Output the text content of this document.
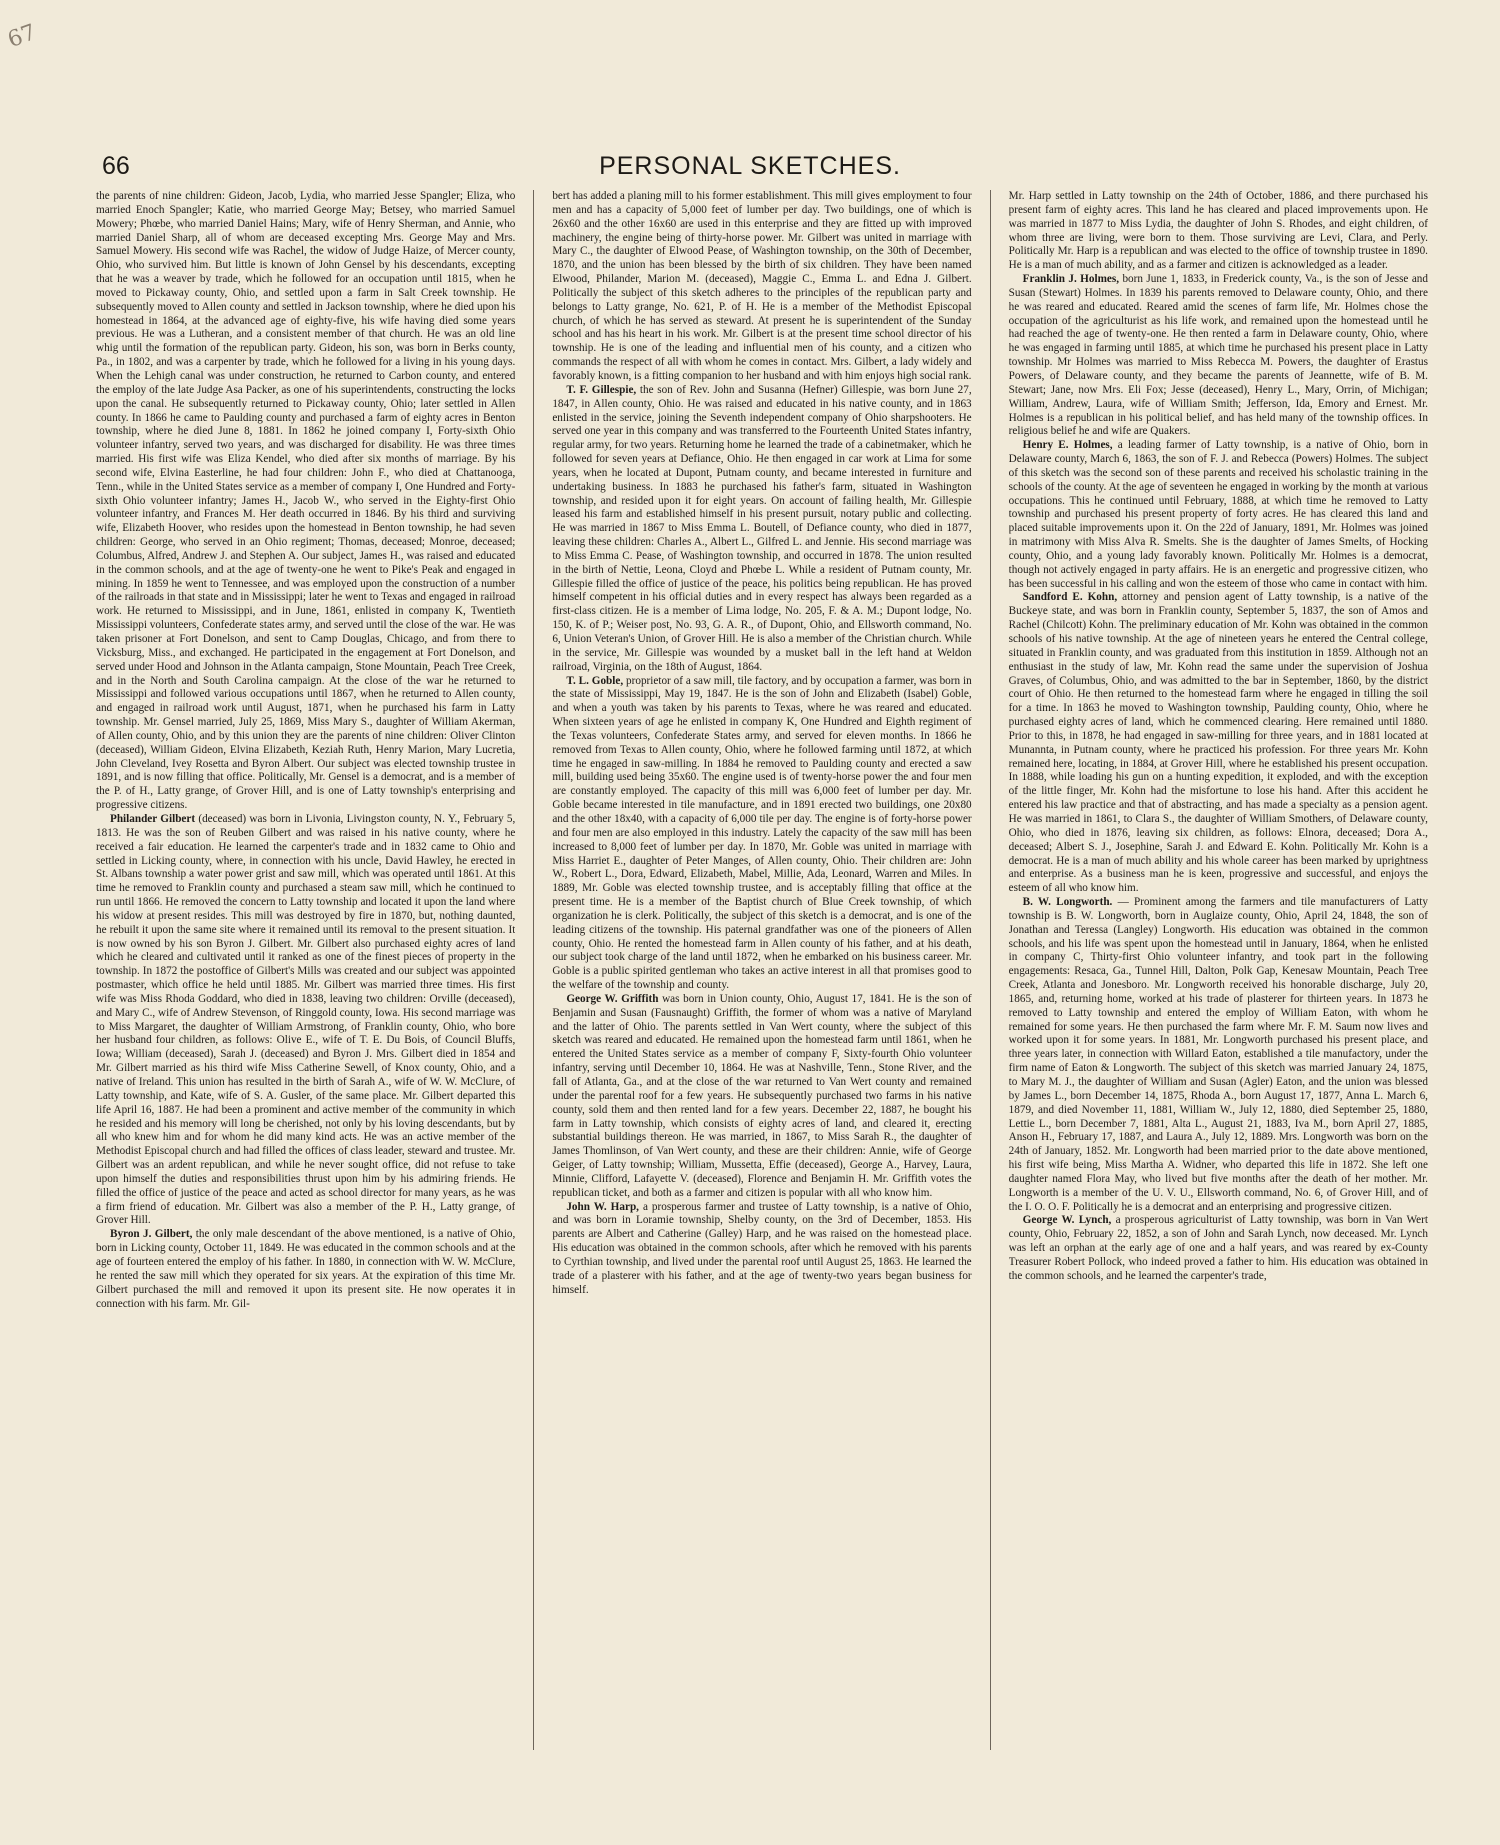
67
66	PERSONAL SKETCHES.

the parents of nine children: Gideon, Jacob, Lydia, who married Jesse Spangler; Eliza, who married Enoch Spangler; Katie, who married George May; Betsey, who married Samuel Mowery; Phœbe, who married Daniel Hains; Mary, wife of Henry Sherman, and Annie, who married Daniel Sharp, all of whom are deceased excepting Mrs. George May and Mrs. Samuel Mowery. His second wife was Rachel, the widow of Judge Haize, of Mercer county, Ohio, who survived him. But little is known of John Gensel by his descendants, excepting that he was a weaver by trade, which he followed for an occupation until 1815, when he moved to Pickaway county, Ohio, and settled upon a farm in Salt Creek township. He subsequently moved to Allen county and settled in Jackson township, where he died upon his homestead in 1864, at the advanced age of eighty-five, his wife having died some years previous. He was a Lutheran, and a consistent member of that church. He was an old line whig until the formation of the republican party. Gideon, his son, was born in Berks county, Pa., in 1802, and was a carpenter by trade, which he followed for a living in his young days. When the Lehigh canal was under construction, he returned to Carbon county, and entered the employ of the late Judge Asa Packer, as one of his superintendents, constructing the locks upon the canal. He subsequently returned to Pickaway county, Ohio; later settled in Allen county. In 1866 he came to Paulding county and purchased a farm of eighty acres in Benton township, where he died June 8, 1881. In 1862 he joined company I, Forty-sixth Ohio volunteer infantry, served two years, and was discharged for disability. He was three times married. His first wife was Eliza Kendel, who died after six months of marriage. By his second wife, Elvina Easterline, he had four children: John F., who died at Chattanooga, Tenn., while in the United States service as a member of company I, One Hundred and Forty-sixth Ohio volunteer infantry; James H., Jacob W., who served in the Eighty-first Ohio volunteer infantry, and Frances M. Her death occurred in 1846. By his third and surviving wife, Elizabeth Hoover, who resides upon the homestead in Benton township, he had seven children: George, who served in an Ohio regiment; Thomas, deceased; Monroe, deceased; Columbus, Alfred, Andrew J. and Stephen A. Our subject, James H., was raised and educated in the common schools, and at the age of twenty-one he went to Pike's Peak and engaged in mining. In 1859 he went to Tennessee, and was employed upon the construction of a number of the railroads in that state and in Mississippi; later he went to Texas and engaged in railroad work. He returned to Mississippi, and in June, 1861, enlisted in company K, Twentieth Mississippi volunteers, Confederate states army, and served until the close of the war. He was taken prisoner at Fort Donelson, and sent to Camp Douglas, Chicago, and from there to Vicksburg, Miss., and exchanged. He participated in the engagement at Fort Donelson, and served under Hood and Johnson in the Atlanta campaign, Stone Mountain, Peach Tree Creek, and in the North and South Carolina campaign. At the close of the war he returned to Mississippi and followed various occupations until 1867, when he returned to Allen county, and engaged in railroad work until August, 1871, when he purchased his farm in Latty township. Mr. Gensel married, July 25, 1869, Miss Mary S., daughter of William Akerman, of Allen county, Ohio, and by this union they are the parents of nine children: Oliver Clinton (deceased), William Gideon, Elvina Elizabeth, Keziah Ruth, Henry Marion, Mary Lucretia, John Cleveland, Ivey Rosetta and Byron Albert. Our subject was elected township trustee in 1891, and is now filling that office. Politically, Mr. Gensel is a democrat, and is a member of the P. of H., Latty grange, of Grover Hill, and is one of Latty township's enterprising and progressive citizens.

Philander Gilbert (deceased) was born in Livonia, Livingston county, N. Y., February 5, 1813. He was the son of Reuben Gilbert and was raised in his native county, where he received a fair education. He learned the carpenter's trade and in 1832 came to Ohio and settled in Licking county, where, in connection with his uncle, David Hawley, he erected in St. Albans township a water power grist and saw mill, which was operated until 1861. At this time he removed to Franklin county and purchased a steam saw mill, which he continued to run until 1866. He removed the concern to Latty township and located it upon the land where his widow at present resides. This mill was destroyed by fire in 1870, but, nothing daunted, he rebuilt it upon the same site where it remained until its removal to the present situation. It is now owned by his son Byron J. Gilbert. Mr. Gilbert also purchased eighty acres of land which he cleared and cultivated until it ranked as one of the finest pieces of property in the township. In 1872 the postoffice of Gilbert's Mills was created and our subject was appointed postmaster, which office he held until 1885. Mr. Gilbert was married three times. His first wife was Miss Rhoda Goddard, who died in 1838, leaving two children: Orville (deceased), and Mary C., wife of Andrew Stevenson, of Ringgold county, Iowa. His second marriage was to Miss Margaret, the daughter of William Armstrong, of Franklin county, Ohio, who bore her husband four children, as follows: Olive E., wife of T. E. Du Bois, of Council Bluffs, Iowa; William (deceased), Sarah J. (deceased) and Byron J. Mrs. Gilbert died in 1854 and Mr. Gilbert married as his third wife Miss Catherine Sewell, of Knox county, Ohio, and a native of Ireland. This union has resulted in the birth of Sarah A., wife of W. W. McClure, of Latty township, and Kate, wife of S. A. Gusler, of the same place. Mr. Gilbert departed this life April 16, 1887. He had been a prominent and active member of the community in which he resided and his memory will long be cherished, not only by his loving descendants, but by all who knew him and for whom he did many kind acts. He was an active member of the Methodist Episcopal church and had filled the offices of class leader, steward and trustee. Mr. Gilbert was an ardent republican, and while he never sought office, did not refuse to take upon himself the duties and responsibilities thrust upon him by his admiring friends. He filled the office of justice of the peace and acted as school director for many years, as he was a firm friend of education. Mr. Gilbert was also a member of the P. H., Latty grange, of Grover Hill.

Byron J. Gilbert, the only male descendant of the above mentioned, is a native of Ohio, born in Licking county, October 11, 1849. He was educated in the common schools and at the age of fourteen entered the employ of his father. In 1880, in connection with W. W. McClure, he rented the saw mill which they operated for six years. At the expiration of this time Mr. Gilbert purchased the mill and removed it upon its present site. He now operates it in connection with his farm. Mr. Gil-

bert has added a planing mill to his former establishment. This mill gives employment to four men and has a capacity of 5,000 feet of lumber per day. Two buildings, one of which is 26x60 and the other 16x60 are used in this enterprise and they are fitted up with improved machinery, the engine being of thirty-horse power. Mr. Gilbert was united in marriage with Mary C., the daughter of Elwood Pease, of Washington township, on the 30th of December, 1870, and the union has been blessed by the birth of six children. They have been named Elwood, Philander, Marion M. (deceased), Maggie C., Emma L. and Edna J. Gilbert. Politically the subject of this sketch adheres to the principles of the republican party and belongs to Latty grange, No. 621, P. of H. He is a member of the Methodist Episcopal church, of which he has served as steward. At present he is superintendent of the Sunday school and has his heart in his work. Mr. Gilbert is at the present time school director of his township. He is one of the leading and influential men of his county, and a citizen who commands the respect of all with whom he comes in contact. Mrs. Gilbert, a lady widely and favorably known, is a fitting companion to her husband and with him enjoys high social rank.

T. F. Gillespie, the son of Rev. John and Susanna (Hefner) Gillespie, was born June 27, 1847, in Allen county, Ohio. He was raised and educated in his native county, and in 1863 enlisted in the service, joining the Seventh independent company of Ohio sharpshooters. He served one year in this company and was transferred to the Fourteenth United States infantry, regular army, for two years. Returning home he learned the trade of a cabinetmaker, which he followed for seven years at Defiance, Ohio. He then engaged in car work at Lima for some years, when he located at Dupont, Putnam county, and became interested in furniture and undertaking business. In 1883 he purchased his father's farm, situated in Washington township, and resided upon it for eight years. On account of failing health, Mr. Gillespie leased his farm and established himself in his present pursuit, notary public and collecting. He was married in 1867 to Miss Emma L. Boutell, of Defiance county, who died in 1877, leaving these children: Charles A., Albert L., Gilfred L. and Jennie. His second marriage was to Miss Emma C. Pease, of Washington township, and occurred in 1878. The union resulted in the birth of Nettie, Leona, Cloyd and Phœbe L. While a resident of Putnam county, Mr. Gillespie filled the office of justice of the peace, his politics being republican. He has proved himself competent in his official duties and in every respect has always been regarded as a first-class citizen. He is a member of Lima lodge, No. 205, F. & A. M.; Dupont lodge, No. 150, K. of P.; Weiser post, No. 93, G. A. R., of Dupont, Ohio, and Ellsworth command, No. 6, Union Veteran's Union, of Grover Hill. He is also a member of the Christian church. While in the service, Mr. Gillespie was wounded by a musket ball in the left hand at Weldon railroad, Virginia, on the 18th of August, 1864.

T. L. Goble, proprietor of a saw mill, tile factory, and by occupation a farmer, was born in the state of Mississippi, May 19, 1847. He is the son of John and Elizabeth (Isabel) Goble, and when a youth was taken by his parents to Texas, where he was reared and educated. When sixteen years of age he enlisted in company K, One Hundred and Eighth regiment of the Texas volunteers, Confederate States army, and served for eleven months. In 1866 he removed from Texas to Allen county, Ohio, where he followed farming until 1872, at which time he engaged in saw-milling. In 1884 he removed to Paulding county and erected a saw mill, building used being 35x60. The engine used is of twenty-horse power the and four men are constantly employed. The capacity of this mill was 6,000 feet of lumber per day. Mr. Goble became interested in tile manufacture, and in 1891 erected two buildings, one 20x80 and the other 18x40, with a capacity of 6,000 tile per day. The engine is of forty-horse power and four men are also employed in this industry. Lately the capacity of the saw mill has been increased to 8,000 feet of lumber per day. In 1870, Mr. Goble was united in marriage with Miss Harriet E., daughter of Peter Manges, of Allen county, Ohio. Their children are: John W., Robert L., Dora, Edward, Elizabeth, Mabel, Millie, Ada, Leonard, Warren and Miles. In 1889, Mr. Goble was elected township trustee, and is acceptably filling that office at the present time. He is a member of the Baptist church of Blue Creek township, of which organization he is clerk. Politically, the subject of this sketch is a democrat, and is one of the leading citizens of the township. His paternal grandfather was one of the pioneers of Allen county, Ohio. He rented the homestead farm in Allen county of his father, and at his death, our subject took charge of the land until 1872, when he embarked on his business career. Mr. Goble is a public spirited gentleman who takes an active interest in all that promises good to the welfare of the township and county.

George W. Griffith was born in Union county, Ohio, August 17, 1841. He is the son of Benjamin and Susan (Fausnaught) Griffith, the former of whom was a native of Maryland and the latter of Ohio. The parents settled in Van Wert county, where the subject of this sketch was reared and educated. He remained upon the homestead farm until 1861, when he entered the United States service as a member of company F, Sixty-fourth Ohio volunteer infantry, serving until December 10, 1864. He was at Nashville, Tenn., Stone River, and the fall of Atlanta, Ga., and at the close of the war returned to Van Wert county and remained under the parental roof for a few years. He subsequently purchased two farms in his native county, sold them and then rented land for a few years. December 22, 1887, he bought his farm in Latty township, which consists of eighty acres of land, and cleared it, erecting substantial buildings thereon. He was married, in 1867, to Miss Sarah R., the daughter of James Thomlinson, of Van Wert county, and these are their children: Annie, wife of George Geiger, of Latty township; William, Mussetta, Effie (deceased), George A., Harvey, Laura, Minnie, Clifford, Lafayette V. (deceased), Florence and Benjamin H. Mr. Griffith votes the republican ticket, and both as a farmer and citizen is popular with all who know him.

John W. Harp, a prosperous farmer and trustee of Latty township, is a native of Ohio, and was born in Loramie township, Shelby county, on the 3rd of December, 1853. His parents are Albert and Catherine (Galley) Harp, and he was raised on the homestead place. His education was obtained in the common schools, after which he removed with his parents to Cyrthian township, and lived under the parental roof until August 25, 1863. He learned the trade of a plasterer with his father, and at the age of twenty-two years began business for himself.

Mr. Harp settled in Latty township on the 24th of October, 1886, and there purchased his present farm of eighty acres. This land he has cleared and placed improvements upon. He was married in 1877 to Miss Lydia, the daughter of John S. Rhodes, and eight children, of whom three are living, were born to them. Those surviving are Levi, Clara, and Perly. Politically Mr. Harp is a republican and was elected to the office of township trustee in 1890. He is a man of much ability, and as a farmer and citizen is acknowledged as a leader.

Franklin J. Holmes, born June 1, 1833, in Frederick county, Va., is the son of Jesse and Susan (Stewart) Holmes. In 1839 his parents removed to Delaware county, Ohio, and there he was reared and educated. Reared amid the scenes of farm life, Mr. Holmes chose the occupation of the agriculturist as his life work, and remained upon the homestead until he had reached the age of twenty-one. He then rented a farm in Delaware county, Ohio, where he was engaged in farming until 1885, at which time he purchased his present place in Latty township. Mr Holmes was married to Miss Rebecca M. Powers, the daughter of Erastus Powers, of Delaware county, and they became the parents of Jeannette, wife of B. M. Stewart; Jane, now Mrs. Eli Fox; Jesse (deceased), Henry L., Mary, Orrin, of Michigan; William, Andrew, Laura, wife of William Smith; Jefferson, Ida, Emory and Ernest. Mr. Holmes is a republican in his political belief, and has held many of the township offices. In religious belief he and wife are Quakers.

Henry E. Holmes, a leading farmer of Latty township, is a native of Ohio, born in Delaware county, March 6, 1863, the son of F. J. and Rebecca (Powers) Holmes. The subject of this sketch was the second son of these parents and received his scholastic training in the schools of the county. At the age of seventeen he engaged in working by the month at various occupations. This he continued until February, 1888, at which time he removed to Latty township and purchased his present property of forty acres. He has cleared this land and placed suitable improvements upon it. On the 22d of January, 1891, Mr. Holmes was joined in matrimony with Miss Alva R. Smelts. She is the daughter of James Smelts, of Hocking county, Ohio, and a young lady favorably known. Politically Mr. Holmes is a democrat, though not actively engaged in party affairs. He is an energetic and progressive citizen, who has been successful in his calling and won the esteem of those who came in contact with him.

Sandford E. Kohn, attorney and pension agent of Latty township, is a native of the Buckeye state, and was born in Franklin county, September 5, 1837, the son of Amos and Rachel (Chilcott) Kohn. The preliminary education of Mr. Kohn was obtained in the common schools of his native township. At the age of nineteen years he entered the Central college, situated in Franklin county, and was graduated from this institution in 1859. Although not an enthusiast in the study of law, Mr. Kohn read the same under the supervision of Joshua Graves, of Columbus, Ohio, and was admitted to the bar in September, 1860, by the district court of Ohio. He then returned to the homestead farm where he engaged in tilling the soil for a time. In 1863 he moved to Washington township, Paulding county, Ohio, where he purchased eighty acres of land, which he commenced clearing. Here remained until 1880. Prior to this, in 1878, he had engaged in saw-milling for three years, and in 1881 located at Munannta, in Putnam county, where he practiced his profession. For three years Mr. Kohn remained here, locating, in 1884, at Grover Hill, where he established his present occupation. In 1888, while loading his gun on a hunting expedition, it exploded, and with the exception of the little finger, Mr. Kohn had the misfortune to lose his hand. After this accident he entered his law practice and that of abstracting, and has made a specialty as a pension agent. He was married in 1861, to Clara S., the daughter of William Smothers, of Delaware county, Ohio, who died in 1876, leaving six children, as follows: Elnora, deceased; Dora A., deceased; Albert S. J., Josephine, Sarah J. and Edward E. Kohn. Politically Mr. Kohn is a democrat. He is a man of much ability and his whole career has been marked by uprightness and enterprise. As a business man he is keen, progressive and successful, and enjoys the esteem of all who know him.

B. W. Longworth. — Prominent among the farmers and tile manufacturers of Latty township is B. W. Longworth, born in Auglaize county, Ohio, April 24, 1848, the son of Jonathan and Teressa (Langley) Longworth. His education was obtained in the common schools, and his life was spent upon the homestead until in January, 1864, when he enlisted in company C, Thirty-first Ohio volunteer infantry, and took part in the following engagements: Resaca, Ga., Tunnel Hill, Dalton, Polk Gap, Kenesaw Mountain, Peach Tree Creek, Atlanta and Jonesboro. Mr. Longworth received his honorable discharge, July 20, 1865, and, returning home, worked at his trade of plasterer for thirteen years. In 1873 he removed to Latty township and entered the employ of William Eaton, with whom he remained for some years. He then purchased the farm where Mr. F. M. Saum now lives and worked upon it for some years. In 1881, Mr. Longworth purchased his present place, and three years later, in connection with Willard Eaton, established a tile manufactory, under the firm name of Eaton & Longworth. The subject of this sketch was married January 24, 1875, to Mary M. J., the daughter of William and Susan (Agler) Eaton, and the union was blessed by James L., born December 14, 1875, Rhoda A., born August 17, 1877, Anna L. March 6, 1879, and died November 11, 1881, William W., July 12, 1880, died September 25, 1880, Lettie L., born December 7, 1881, Alta L., August 21, 1883, Iva M., born April 27, 1885, Anson H., February 17, 1887, and Laura A., July 12, 1889. Mrs. Longworth was born on the 24th of January, 1852. Mr. Longworth had been married prior to the date above mentioned, his first wife being, Miss Martha A. Widner, who departed this life in 1872. She left one daughter named Flora May, who lived but five months after the death of her mother. Mr. Longworth is a member of the U. V. U., Ellsworth command, No. 6, of Grover Hill, and of the I. O. O. F. Politically he is a democrat and an enterprising and progressive citizen.

George W. Lynch, a prosperous agriculturist of Latty township, was born in Van Wert county, Ohio, February 22, 1852, a son of John and Sarah Lynch, now deceased. Mr. Lynch was left an orphan at the early age of one and a half years, and was reared by ex-County Treasurer Robert Pollock, who indeed proved a father to him. His education was obtained in the common schools, and he learned the carpenter's trade,
